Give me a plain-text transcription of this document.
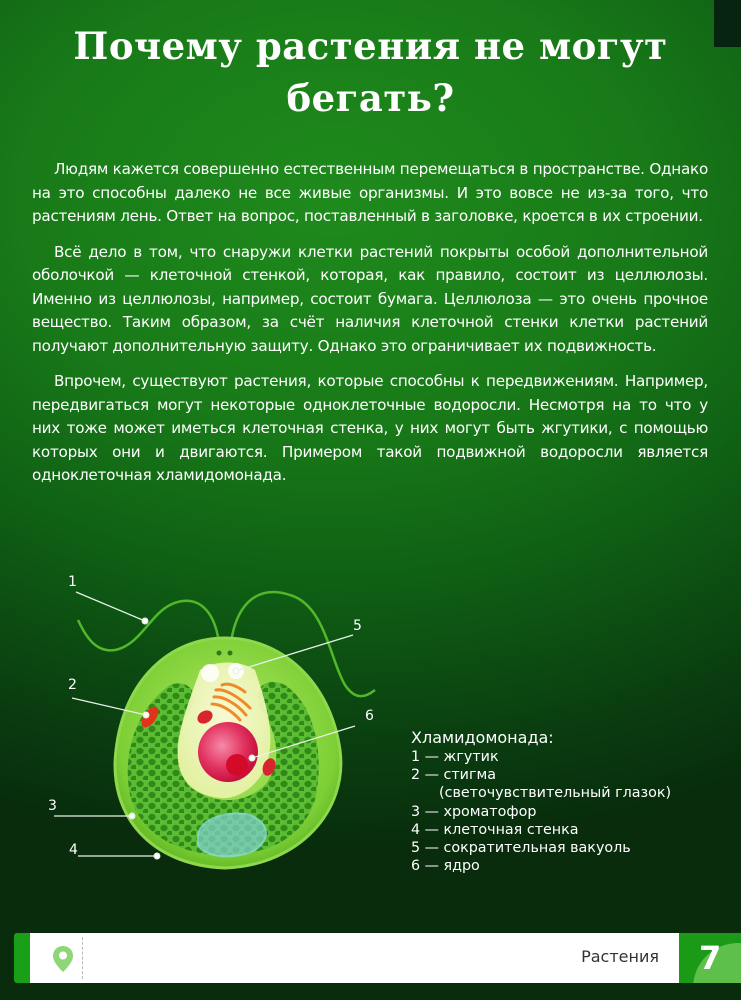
Почему растения не могут
бегать?

Людям кажется совершенно естественным перемещаться в пространстве. Однако на это способны далеко не все живые организмы. И это вовсе не из-за того, что растениям лень. Ответ на вопрос, поставленный в заголовке, кроется в их строении.

Всё дело в том, что снаружи клетки растений покрыты особой дополнительной оболочкой — клеточной стенкой, которая, как правило, состоит из целлюлозы. Именно из целлюлозы, например, состоит бумага. Целлюлоза — это очень прочное вещество. Таким образом, за счёт наличия клеточной стенки клетки растений получают дополнительную защиту. Однако это ограничивает их подвижность.

Впрочем, существуют растения, которые способны к передвижениям. Например, передвигаться могут некоторые одноклеточные водоросли. Несмотря на то что у них тоже может иметься клеточная стенка, у них могут быть жгутики, с помощью которых они и двигаются. Примером такой подвижной водоросли является одноклеточная хламидомонада.

1
2
3
4
5
6
Хламидомонада:
1 — жгутик
2 — стигма
(светочувствительный глазок)
3 — хроматофор
4 — клеточная стенка
5 — сократительная вакуоль
6 — ядро
Растения 7
